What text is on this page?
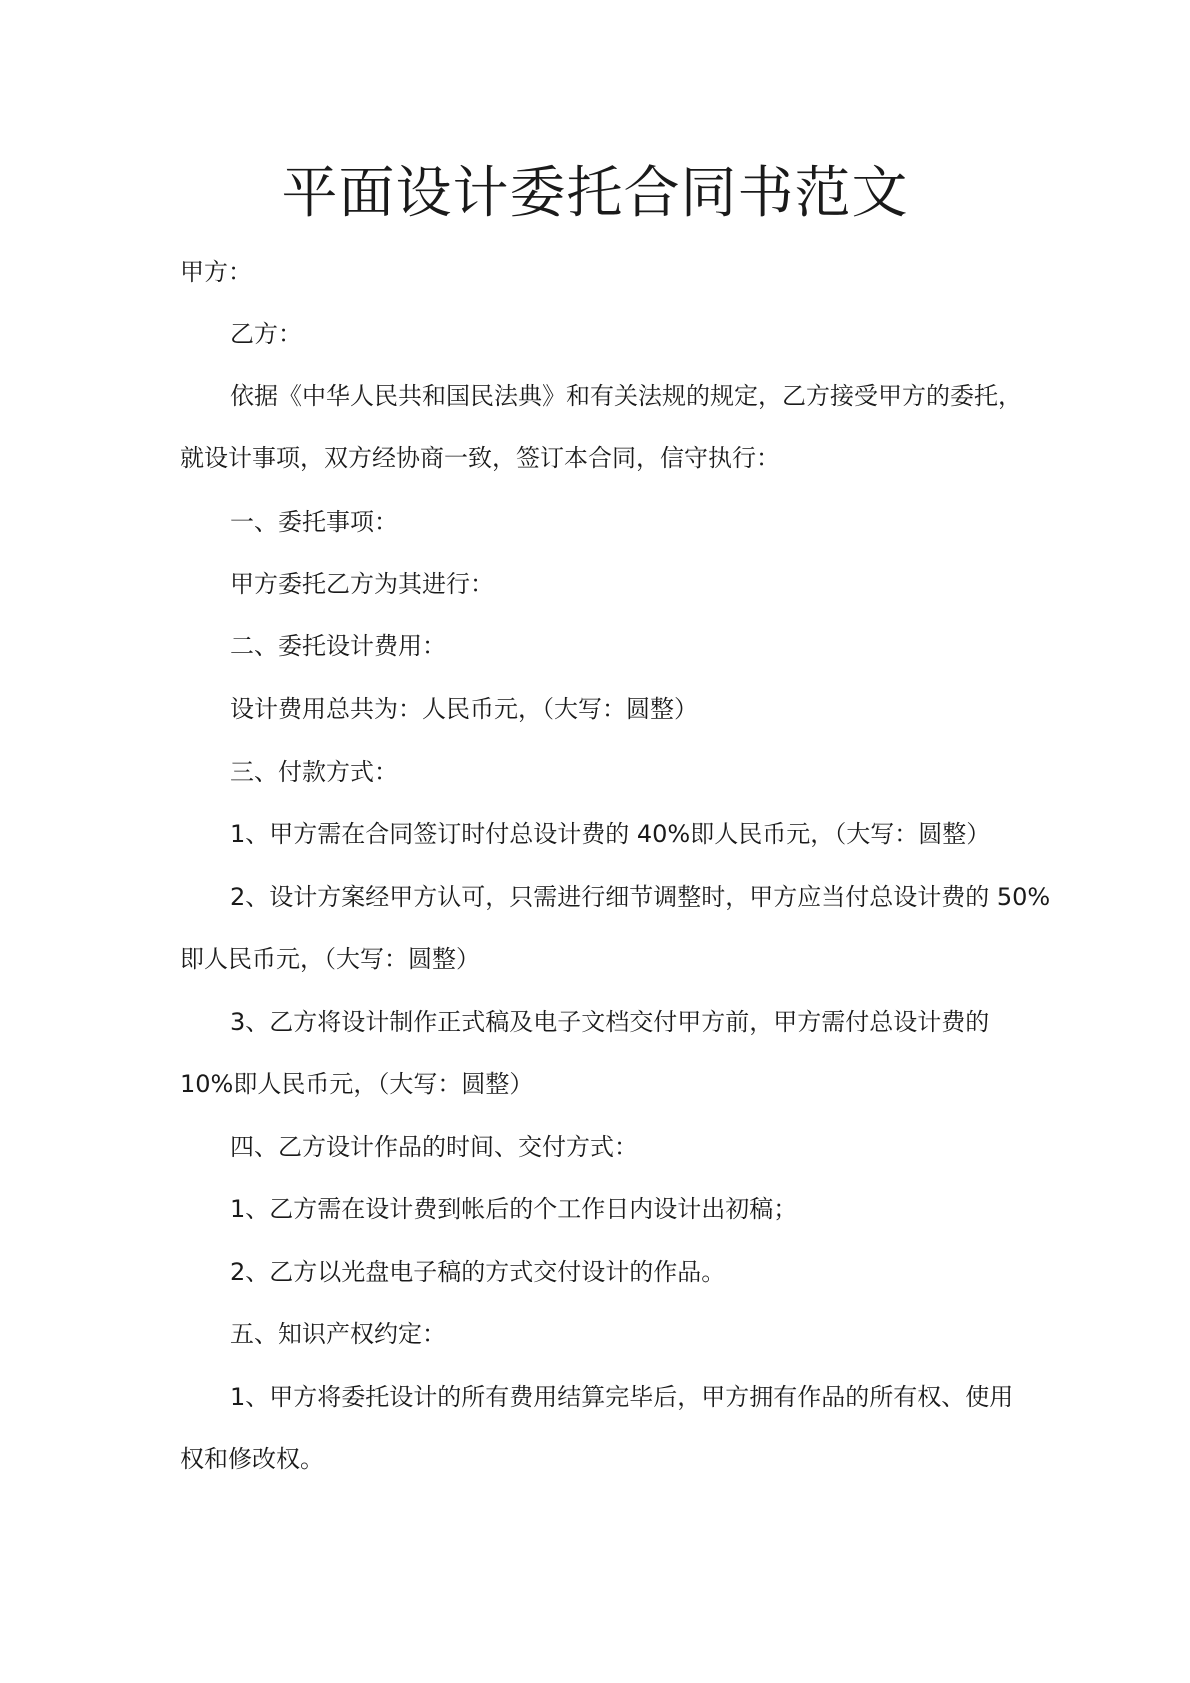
平面设计委托合同书范文
甲方：
乙方：
依据《中华人民共和国民法典》和有关法规的规定，乙方接受甲方的委托，
就设计事项，双方经协商一致，签订本合同，信守执行：
一、委托事项：
甲方委托乙方为其进行：
二、委托设计费用：
设计费用总共为：人民币元，（大写：圆整）
三、付款方式：
1、甲方需在合同签订时付总设计费的 40%即人民币元，（大写：圆整）
2、设计方案经甲方认可，只需进行细节调整时，甲方应当付总设计费的 50%
即人民币元，（大写：圆整）
3、乙方将设计制作正式稿及电子文档交付甲方前，甲方需付总设计费的
10%即人民币元，（大写：圆整）
四、乙方设计作品的时间、交付方式：
1、乙方需在设计费到帐后的个工作日内设计出初稿；
2、乙方以光盘电子稿的方式交付设计的作品。
五、知识产权约定：
1、甲方将委托设计的所有费用结算完毕后，甲方拥有作品的所有权、使用
权和修改权。
